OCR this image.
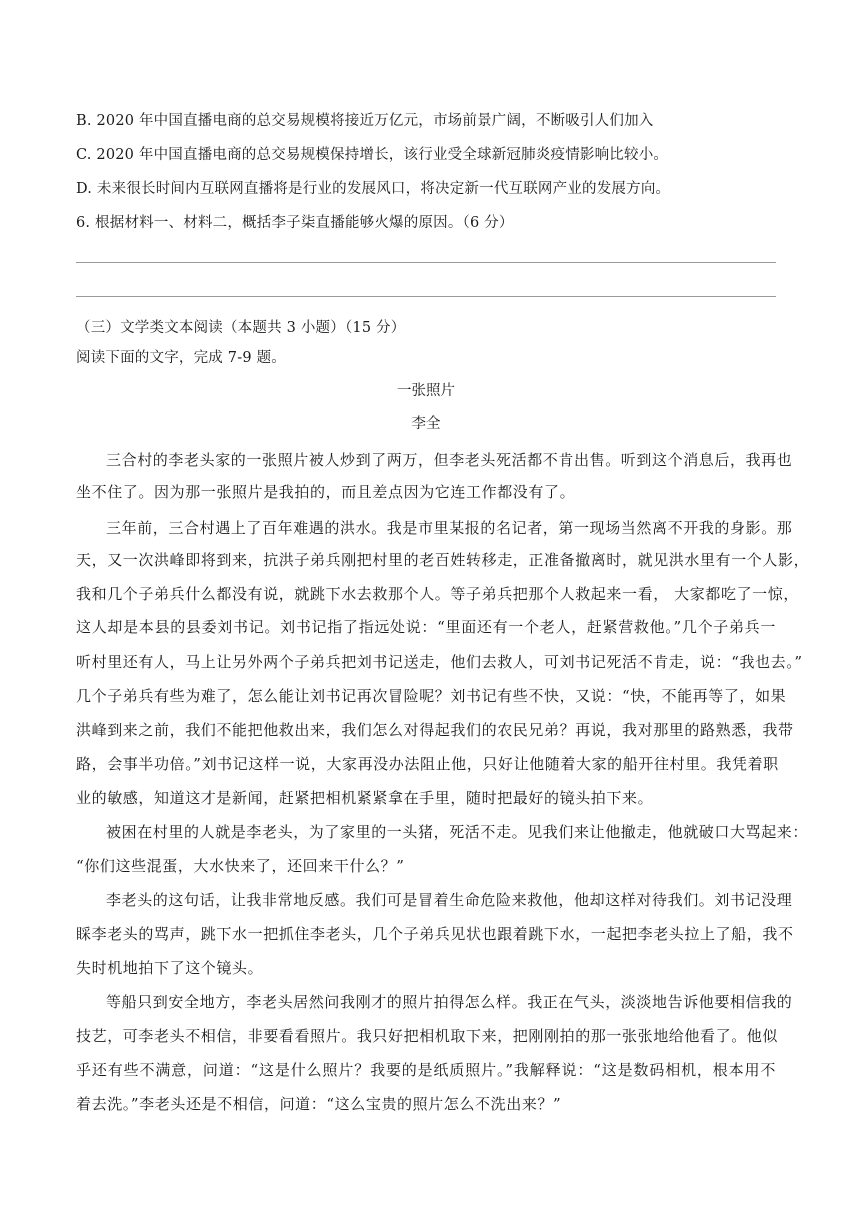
B. 2020 年中国直播电商的总交易规模将接近万亿元，市场前景广阔，不断吸引人们加入
C. 2020 年中国直播电商的总交易规模保持增长，该行业受全球新冠肺炎疫情影响比较小。
D. 未来很长时间内互联网直播将是行业的发展风口，将决定新一代互联网产业的发展方向。
6. 根据材料一、材料二，概括李子柒直播能够火爆的原因。（6 分）
（三）文学类文本阅读（本题共 3 小题）（15 分）
阅读下面的文字，完成 7-9 题。
一张照片
李全
三合村的李老头家的一张照片被人炒到了两万，但李老头死活都不肯出售。听到这个消息后，我再也
坐不住了。因为那一张照片是我拍的，而且差点因为它连工作都没有了。
三年前，三合村遇上了百年难遇的洪水。我是市里某报的名记者，第一现场当然离不开我的身影。那
天，又一次洪峰即将到来，抗洪子弟兵刚把村里的老百姓转移走，正准备撤离时，就见洪水里有一个人影，
我和几个子弟兵什么都没有说，就跳下水去救那个人。等子弟兵把那个人救起来一看， 大家都吃了一惊，
这人却是本县的县委刘书记。刘书记指了指远处说：“里面还有一个老人，赶紧营救他。”几个子弟兵一
听村里还有人，马上让另外两个子弟兵把刘书记送走，他们去救人，可刘书记死活不肯走，说：“我也去。”
几个子弟兵有些为难了，怎么能让刘书记再次冒险呢？刘书记有些不快，又说：“快，不能再等了，如果
洪峰到来之前，我们不能把他救出来，我们怎么对得起我们的农民兄弟？再说，我对那里的路熟悉，我带
路，会事半功倍。”刘书记这样一说，大家再没办法阻止他，只好让他随着大家的船开往村里。我凭着职
业的敏感，知道这才是新闻，赶紧把相机紧紧拿在手里，随时把最好的镜头拍下来。
被困在村里的人就是李老头，为了家里的一头猪，死活不走。见我们来让他撤走，他就破口大骂起来：
“你们这些混蛋，大水快来了，还回来干什么？”
李老头的这句话，让我非常地反感。我们可是冒着生命危险来救他，他却这样对待我们。刘书记没理
睬李老头的骂声，跳下水一把抓住李老头，几个子弟兵见状也跟着跳下水，一起把李老头拉上了船，我不
失时机地拍下了这个镜头。
等船只到安全地方，李老头居然问我刚才的照片拍得怎么样。我正在气头，淡淡地告诉他要相信我的
技艺，可李老头不相信，非要看看照片。我只好把相机取下来，把刚刚拍的那一张张地给他看了。他似
乎还有些不满意，问道：“这是什么照片？我要的是纸质照片。”我解释说：“这是数码相机，根本用不
着去洗。”李老头还是不相信，问道：“这么宝贵的照片怎么不洗出来？”
